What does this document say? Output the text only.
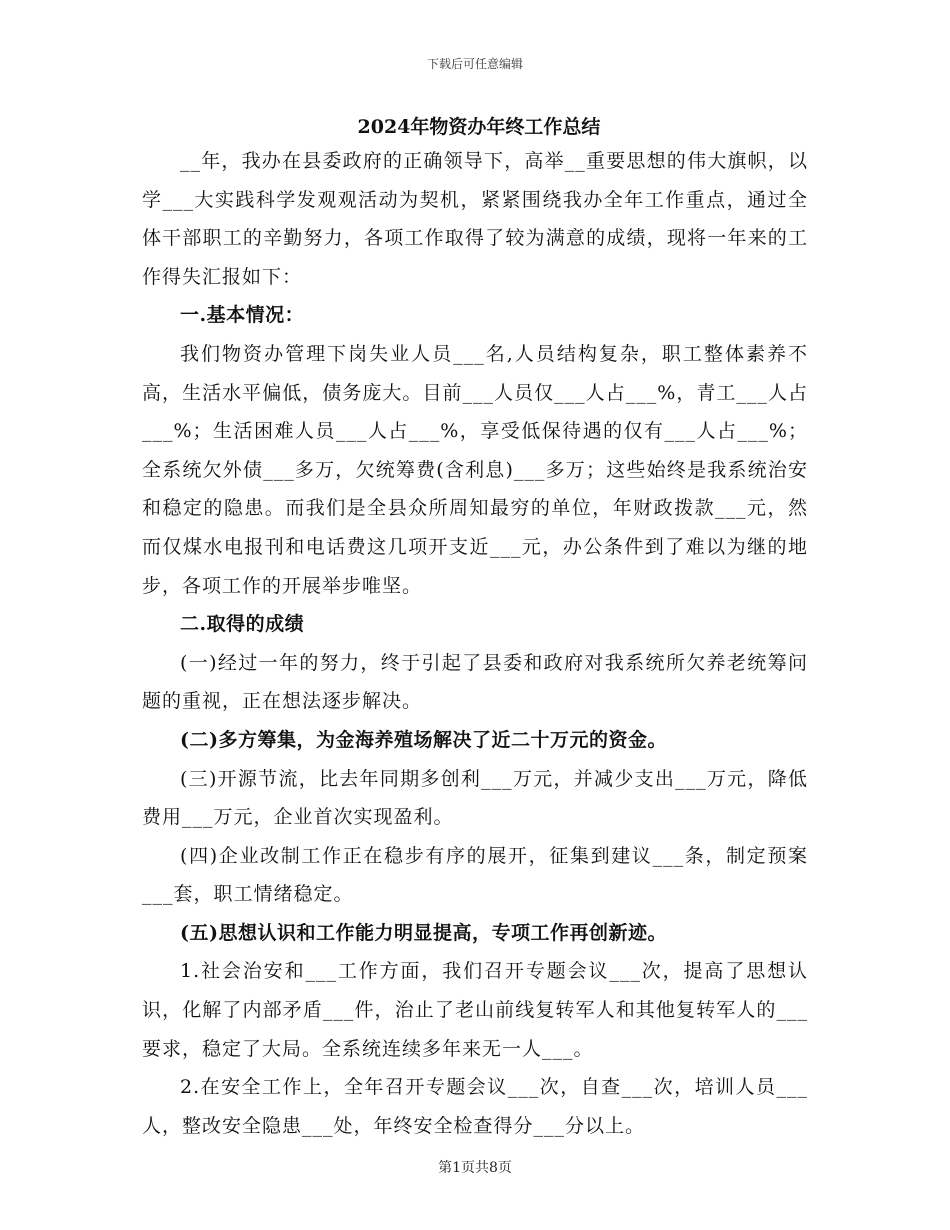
下载后可任意编辑
2024年物资办年终工作总结

__年，我办在县委政府的正确领导下，高举__重要思想的伟大旗帜，以学___大实践科学发观观活动为契机，紧紧围绕我办全年工作重点，通过全体干部职工的辛勤努力，各项工作取得了较为满意的成绩，现将一年来的工作得失汇报如下：

一.基本情况：

我们物资办管理下岗失业人员___名,人员结构复杂，职工整体素养不高，生活水平偏低，债务庞大。目前___人员仅___人占___%，青工___人占___%；生活困难人员___人占___%，享受低保待遇的仅有___人占___%；全系统欠外债___多万，欠统筹费(含利息)___多万；这些始终是我系统治安和稳定的隐患。而我们是全县众所周知最穷的单位，年财政拨款___元，然而仅煤水电报刊和电话费这几项开支近___元，办公条件到了难以为继的地步，各项工作的开展举步唯坚。

二.取得的成绩

(一)经过一年的努力，终于引起了县委和政府对我系统所欠养老统筹问题的重视，正在想法逐步解决。

(二)多方筹集，为金海养殖场解决了近二十万元的资金。

(三)开源节流，比去年同期多创利___万元，并减少支出___万元，降低费用___万元，企业首次实现盈利。

(四)企业改制工作正在稳步有序的展开，征集到建议___条，制定预案___套，职工情绪稳定。

(五)思想认识和工作能力明显提高，专项工作再创新迹。

1.社会治安和___工作方面，我们召开专题会议___次，提高了思想认识，化解了内部矛盾___件，治止了老山前线复转军人和其他复转军人的___要求，稳定了大局。全系统连续多年来无一人___。

2.在安全工作上，全年召开专题会议___次，自查___次，培训人员___人，整改安全隐患___处，年终安全检查得分___分以上。

第1页共8页
